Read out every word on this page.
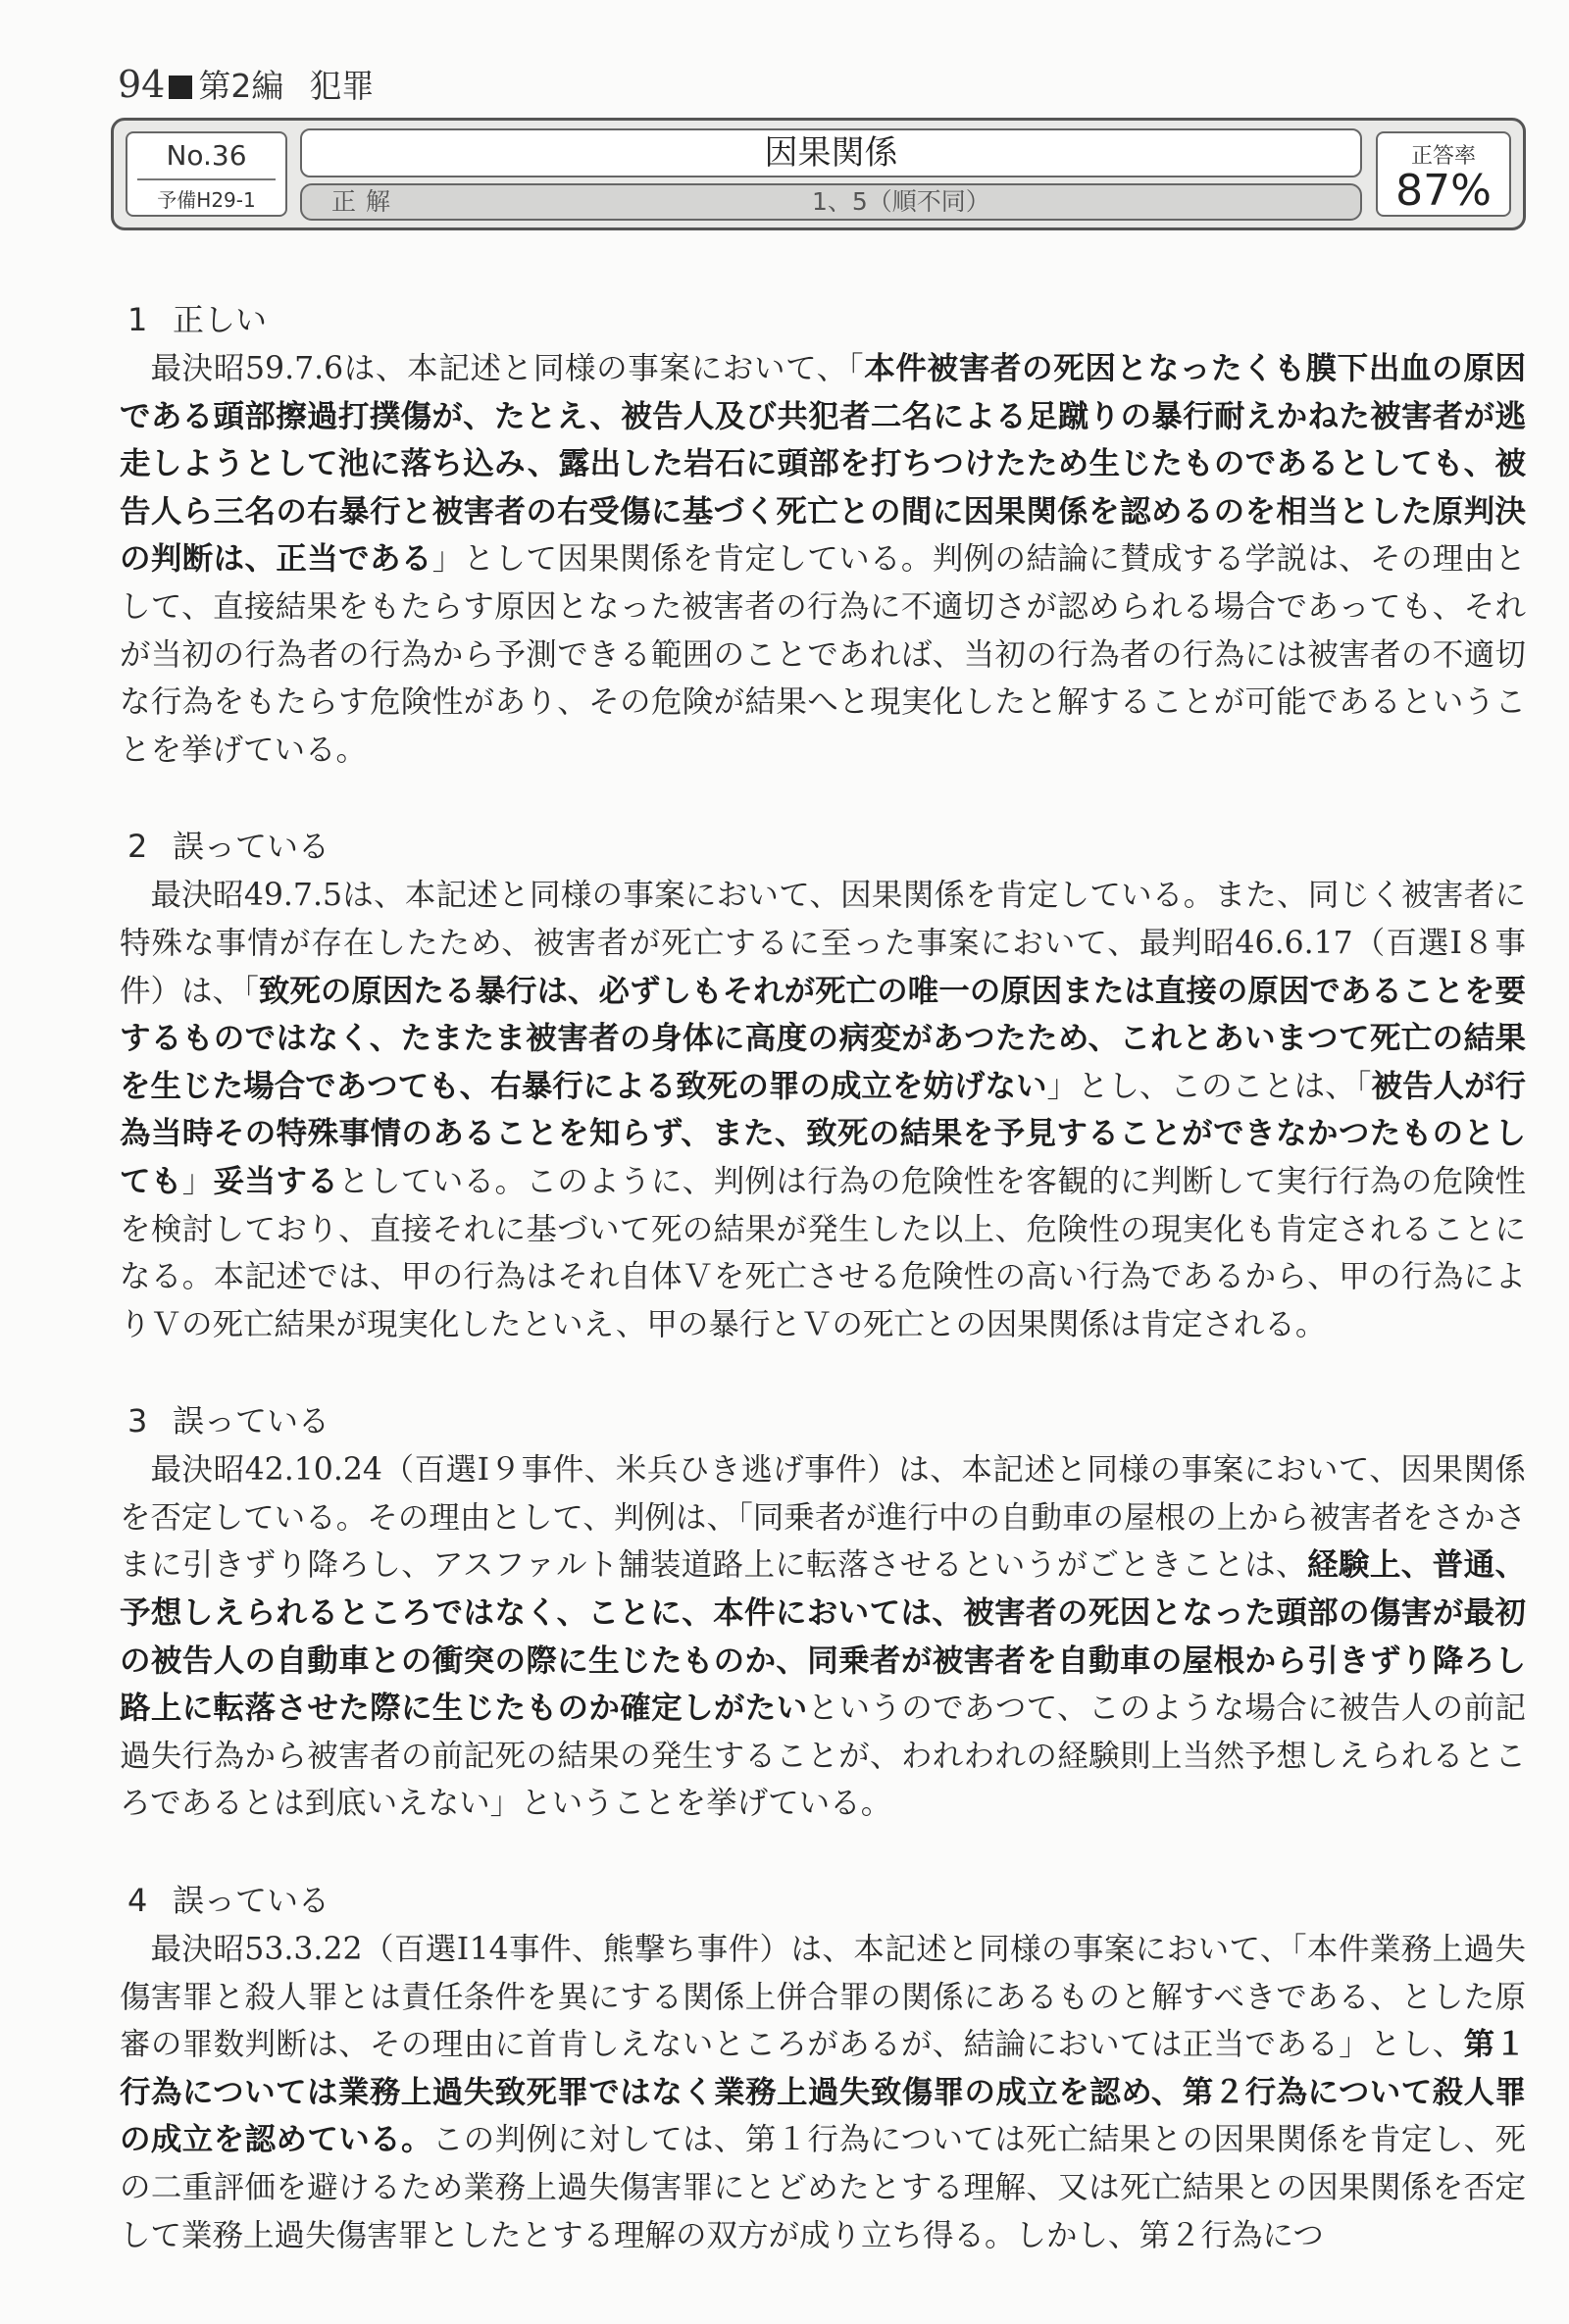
94 第2編 犯罪
No.36
予備H29-1
因果関係
正解	1、5（順不同）
正答率
87%
1 正しい

最決昭59.7.6は、本記述と同様の事案において、「本件被害者の死因となったくも膜下出血の原因である頭部擦過打撲傷が、たとえ、被告人及び共犯者二名による足蹴りの暴行耐えかねた被害者が逃走しようとして池に落ち込み、露出した岩石に頭部を打ちつけたため生じたものであるとしても、被告人ら三名の右暴行と被害者の右受傷に基づく死亡との間に因果関係を認めるのを相当とした原判決の判断は、正当である」として因果関係を肯定している。判例の結論に賛成する学説は、その理由として、直接結果をもたらす原因となった被害者の行為に不適切さが認められる場合であっても、それが当初の行為者の行為から予測できる範囲のことであれば、当初の行為者の行為には被害者の不適切な行為をもたらす危険性があり、その危険が結果へと現実化したと解することが可能であるということを挙げている。

2 誤っている

最決昭49.7.5は、本記述と同様の事案において、因果関係を肯定している。また、同じく被害者に特殊な事情が存在したため、被害者が死亡するに至った事案において、最判昭46.6.17（百選Ⅰ８事件）は、「致死の原因たる暴行は、必ずしもそれが死亡の唯一の原因または直接の原因であることを要するものではなく、たまたま被害者の身体に高度の病変があつたため、これとあいまつて死亡の結果を生じた場合であつても、右暴行による致死の罪の成立を妨げない」とし、このことは、「被告人が行為当時その特殊事情のあることを知らず、また、致死の結果を予見することができなかつたものとしても」妥当するとしている。このように、判例は行為の危険性を客観的に判断して実行行為の危険性を検討しており、直接それに基づいて死の結果が発生した以上、危険性の現実化も肯定されることになる。本記述では、甲の行為はそれ自体Ｖを死亡させる危険性の高い行為であるから、甲の行為によりＶの死亡結果が現実化したといえ、甲の暴行とＶの死亡との因果関係は肯定される。

3 誤っている

最決昭42.10.24（百選Ⅰ９事件、米兵ひき逃げ事件）は、本記述と同様の事案において、因果関係を否定している。その理由として、判例は、「同乗者が進行中の自動車の屋根の上から被害者をさかさまに引きずり降ろし、アスファルト舗装道路上に転落させるというがごときことは、経験上、普通、予想しえられるところではなく、ことに、本件においては、被害者の死因となった頭部の傷害が最初の被告人の自動車との衝突の際に生じたものか、同乗者が被害者を自動車の屋根から引きずり降ろし路上に転落させた際に生じたものか確定しがたいというのであつて、このような場合に被告人の前記過失行為から被害者の前記死の結果の発生することが、われわれの経験則上当然予想しえられるところであるとは到底いえない」ということを挙げている。

4 誤っている

最決昭53.3.22（百選Ⅰ14事件、熊撃ち事件）は、本記述と同様の事案において、「本件業務上過失傷害罪と殺人罪とは責任条件を異にする関係上併合罪の関係にあるものと解すべきである、とした原審の罪数判断は、その理由に首肯しえないところがあるが、結論においては正当である」とし、第１行為については業務上過失致死罪ではなく業務上過失致傷罪の成立を認め、第２行為について殺人罪の成立を認めている。この判例に対しては、第１行為については死亡結果との因果関係を肯定し、死の二重評価を避けるため業務上過失傷害罪にとどめたとする理解、又は死亡結果との因果関係を否定して業務上過失傷害罪としたとする理解の双方が成り立ち得る。しかし、第２行為につ
